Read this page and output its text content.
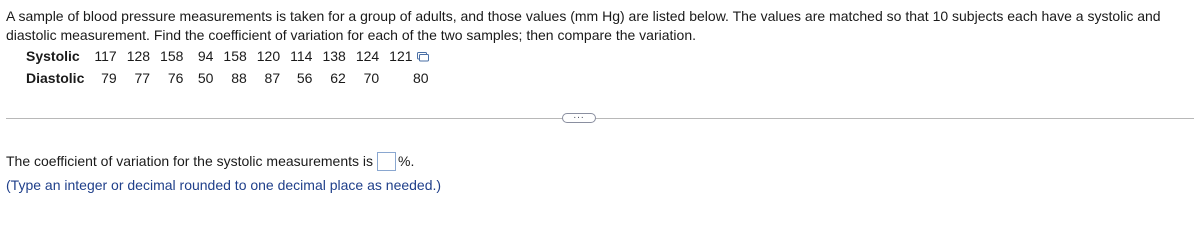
A sample of blood pressure measurements is taken for a group of adults, and those values (mm Hg) are listed below. The values are matched so that 10 subjects each have a systolic and diastolic measurement. Find the coefficient of variation for each of the two samples; then compare the variation.
Systolic	117	128	158	94	158	120	114	138	124	121
Diastolic	79	77	76	50	88	87	56	62	70	80
...
The coefficient of variation for the systolic measurements is %.
(Type an integer or decimal rounded to one decimal place as needed.)
